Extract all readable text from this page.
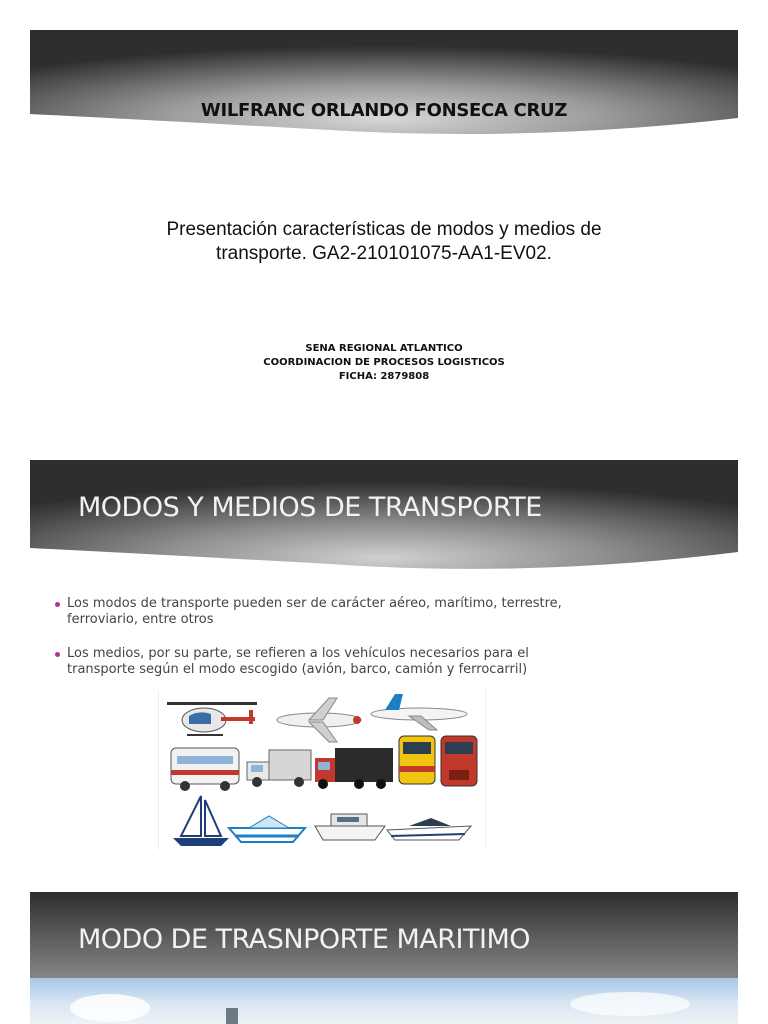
WILFRANC ORLANDO FONSECA CRUZ
Presentación características de modos y medios de
transporte. GA2-210101075-AA1-EV02.
SENA REGIONAL ATLANTICO
COORDINACION DE PROCESOS LOGISTICOS
FICHA: 2879808
MODOS Y MEDIOS DE TRANSPORTE
Los modos de transporte pueden ser de carácter aéreo, marítimo, terrestre,
ferroviario, entre otros
Los medios, por su parte, se refieren a los vehículos necesarios para el
transporte según el modo escogido (avión, barco, camión y ferrocarril)
MODO DE TRASNPORTE MARITIMO
